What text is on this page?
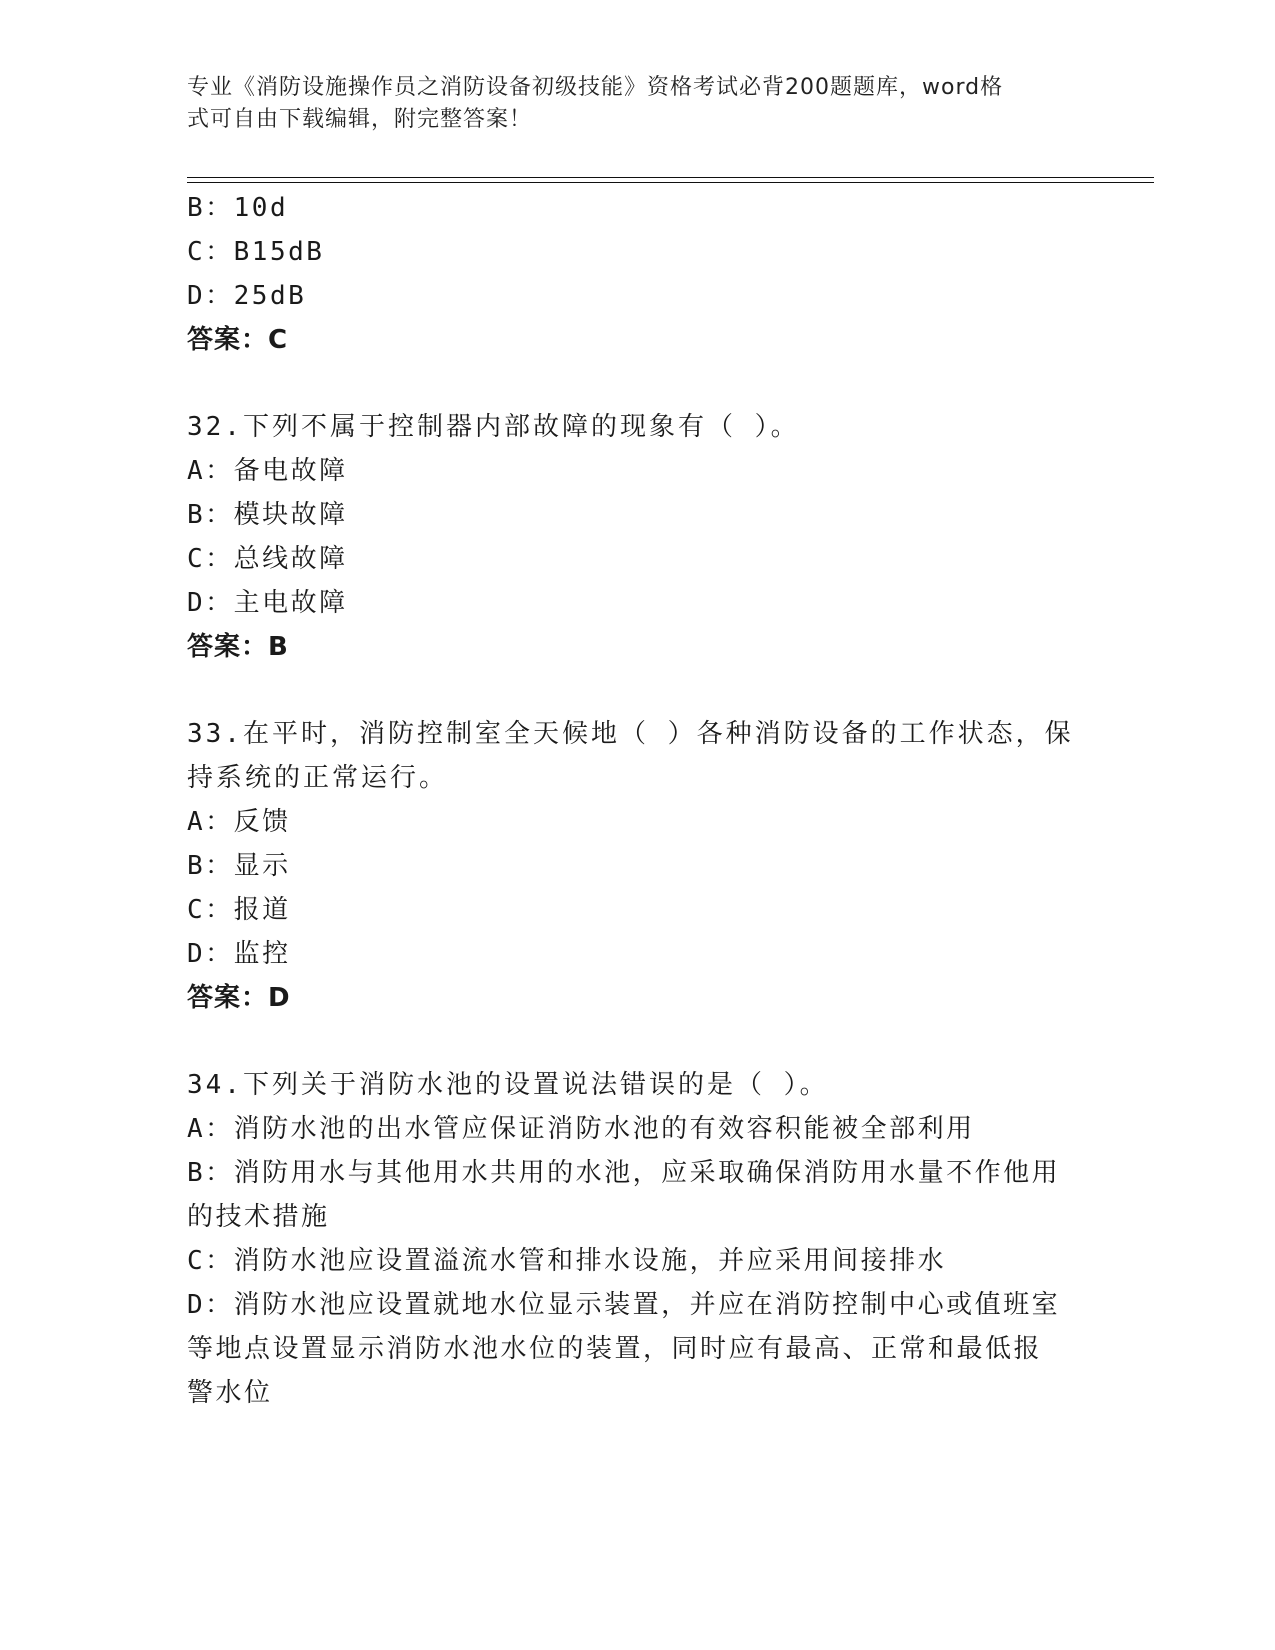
专业《消防设施操作员之消防设备初级技能》资格考试必背200题题库，word格
式可自由下载编辑，附完整答案！
B：10d
C：B15dB
D：25dB
答案：C
32.下列不属于控制器内部故障的现象有（ ）。
A：备电故障
B：模块故障
C：总线故障
D：主电故障
答案：B
33.在平时，消防控制室全天候地（ ）各种消防设备的工作状态，保
持系统的正常运行。
A：反馈
B：显示
C：报道
D：监控
答案：D
34.下列关于消防水池的设置说法错误的是（ ）。
A：消防水池的出水管应保证消防水池的有效容积能被全部利用
B：消防用水与其他用水共用的水池，应采取确保消防用水量不作他用
的技术措施
C：消防水池应设置溢流水管和排水设施，并应采用间接排水
D：消防水池应设置就地水位显示装置，并应在消防控制中心或值班室
等地点设置显示消防水池水位的装置，同时应有最高、正常和最低报
警水位
